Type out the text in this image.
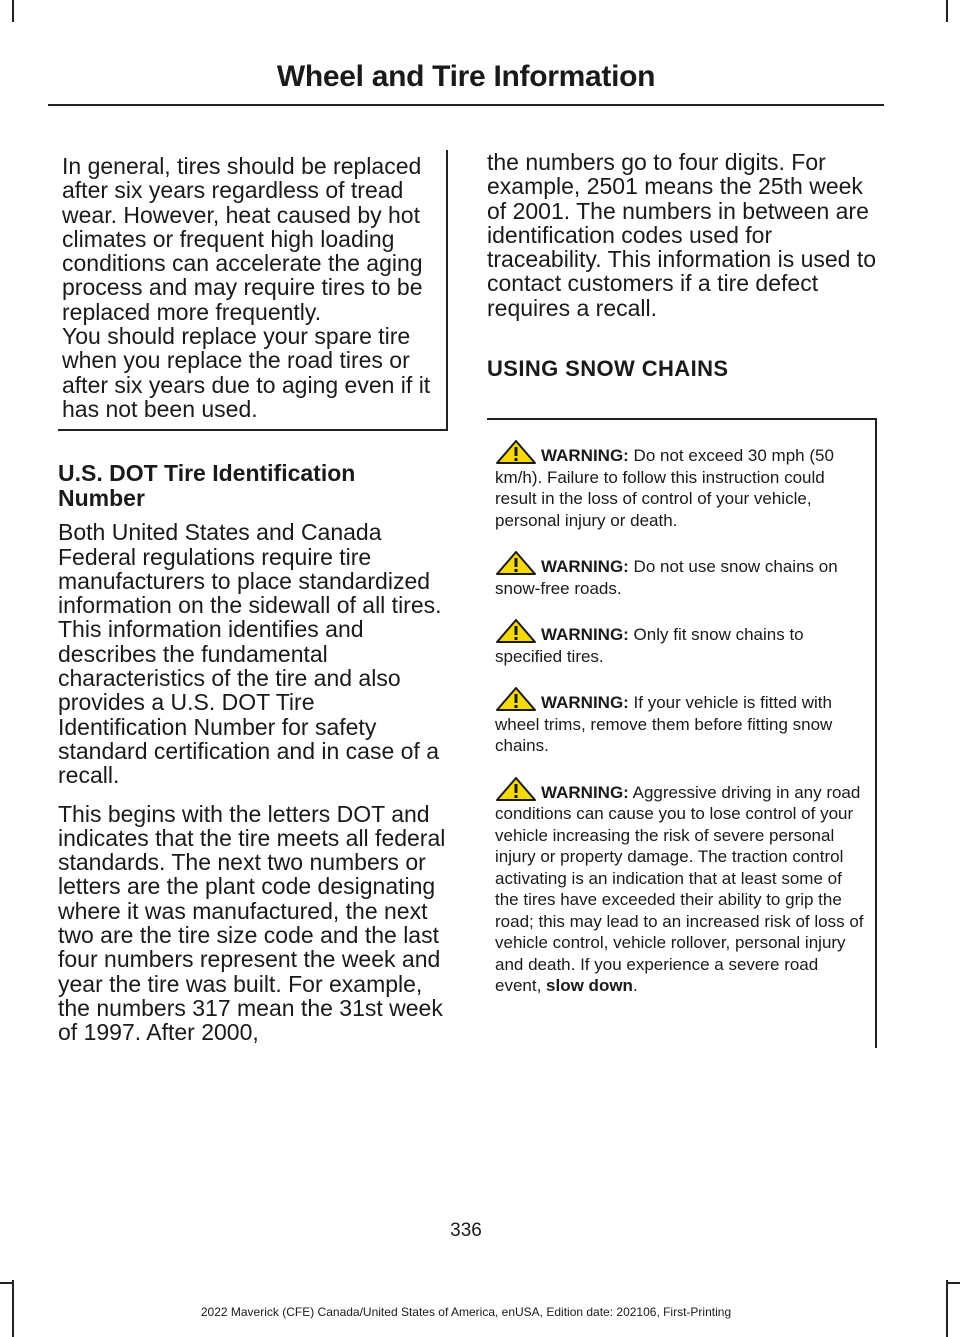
Wheel and Tire Information

In general, tires should be replaced after six years regardless of tread wear. However, heat caused by hot climates or frequent high loading conditions can accelerate the aging process and may require tires to be replaced more frequently.

You should replace your spare tire when you replace the road tires or after six years due to aging even if it has not been used.

U.S. DOT Tire Identification Number

Both United States and Canada Federal regulations require tire manufacturers to place standardized information on the sidewall of all tires. This information identifies and describes the fundamental characteristics of the tire and also provides a U.S. DOT Tire Identification Number for safety standard certification and in case of a recall.

This begins with the letters DOT and indicates that the tire meets all federal standards. The next two numbers or letters are the plant code designating where it was manufactured, the next two are the tire size code and the last four numbers represent the week and year the tire was built. For example, the numbers 317 mean the 31st week of 1997. After 2000,

the numbers go to four digits. For example, 2501 means the 25th week of 2001. The numbers in between are identification codes used for traceability. This information is used to contact customers if a tire defect requires a recall.

USING SNOW CHAINS

WARNING: Do not exceed 30 mph (50 km/h). Failure to follow this instruction could result in the loss of control of your vehicle, personal injury or death.

WARNING: Do not use snow chains on snow-free roads.

WARNING: Only fit snow chains to specified tires.

WARNING: If your vehicle is fitted with wheel trims, remove them before fitting snow chains.

WARNING: Aggressive driving in any road conditions can cause you to lose control of your vehicle increasing the risk of severe personal injury or property damage. The traction control activating is an indication that at least some of the tires have exceeded their ability to grip the road; this may lead to an increased risk of loss of vehicle control, vehicle rollover, personal injury and death. If you experience a severe road event, slow down.

336
2022 Maverick (CFE) Canada/United States of America, enUSA, Edition date: 202106, First-Printing
